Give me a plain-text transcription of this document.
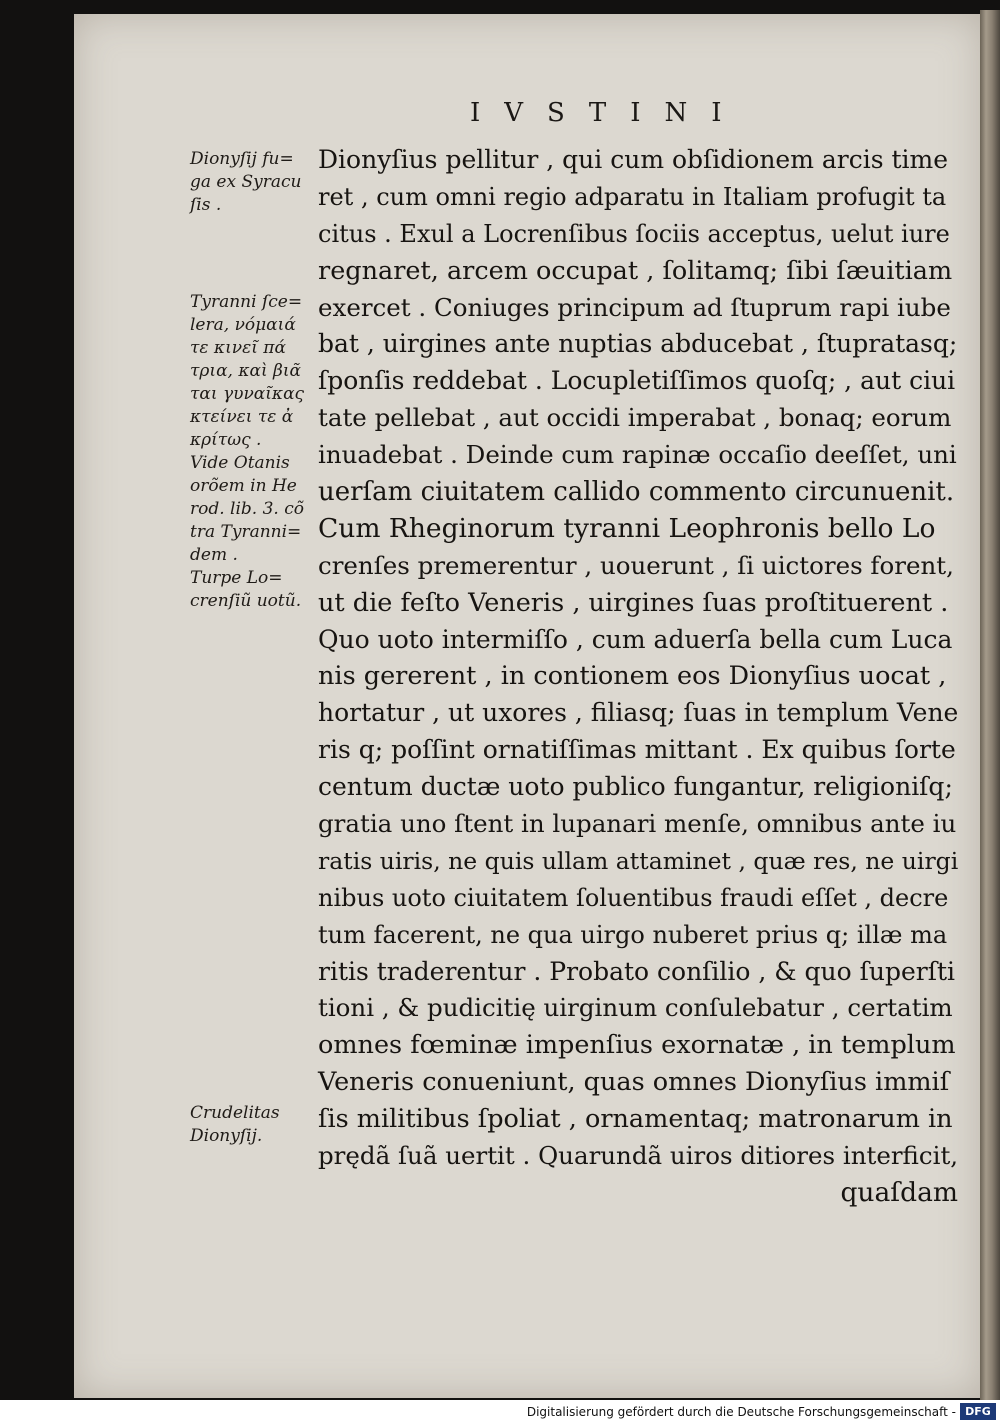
IVSTINI
Dionyſij fu=
ga ex Syracu
ſis .
Tyranni ſce=
lera, νόμαιά
τε κινεῖ πά
τρια, καὶ βιᾶ
ται γυναῖκας
κτείνει τε ἀ
κρίτως .
Vide Otanis
orõem in He
rod. lib. 3. cõ
tra Tyranni=
dem .
Turpe Lo=
crenſiũ uotũ.
Crudelitas
Dionyſij.
Dionyſius pellitur , qui cum obſidionem arcis time
ret , cum omni regio adparatu in Italiam profugit ta
citus . Exul a Locrenſibus ſociis acceptus, uelut iure
regnaret, arcem occupat , ſolitamq; ſibi ſæuitiam
exercet . Coniuges principum ad ſtuprum rapi iube
bat , uirgines ante nuptias abducebat , ſtupratasq;
ſponſis reddebat . Locupletiſſimos quoſq; , aut ciui
tate pellebat , aut occidi imperabat , bonaq; eorum
inuadebat . Deinde cum rapinæ occaſio deeſſet, uni
uerſam ciuitatem callido commento circunuenit.
Cum Rheginorum tyranni Leophronis bello Lo
crenſes premerentur , uouerunt , ſi uictores forent,
ut die feſto Veneris , uirgines ſuas proſtituerent .
Quo uoto intermiſſo , cum aduerſa bella cum Luca
nis gererent , in contionem eos Dionyſius uocat ,
hortatur , ut uxores , filiasq; ſuas in templum Vene
ris q; poſſint ornatiſſimas mittant . Ex quibus ſorte
centum ductæ uoto publico fungantur, religioniſq;
gratia uno ſtent in lupanari menſe, omnibus ante iu
ratis uiris, ne quis ullam attaminet , quæ res, ne uirgi
nibus uoto ciuitatem ſoluentibus fraudi eſſet , decre
tum facerent, ne qua uirgo nuberet prius q; illæ ma
ritis traderentur . Probato conſilio , & quo ſuperſti
tioni , & pudicitię uirginum conſulebatur , certatim
omnes fœminæ impenſius exornatæ , in templum
Veneris conueniunt, quas omnes Dionyſius immiſ
ſis militibus ſpoliat , ornamentaq; matronarum in
prędã ſuã uertit . Quarundã uiros ditiores interficit,
quaſdam
Digitalisierung gefördert durch die Deutsche Forschungsgemeinschaft - DFG
